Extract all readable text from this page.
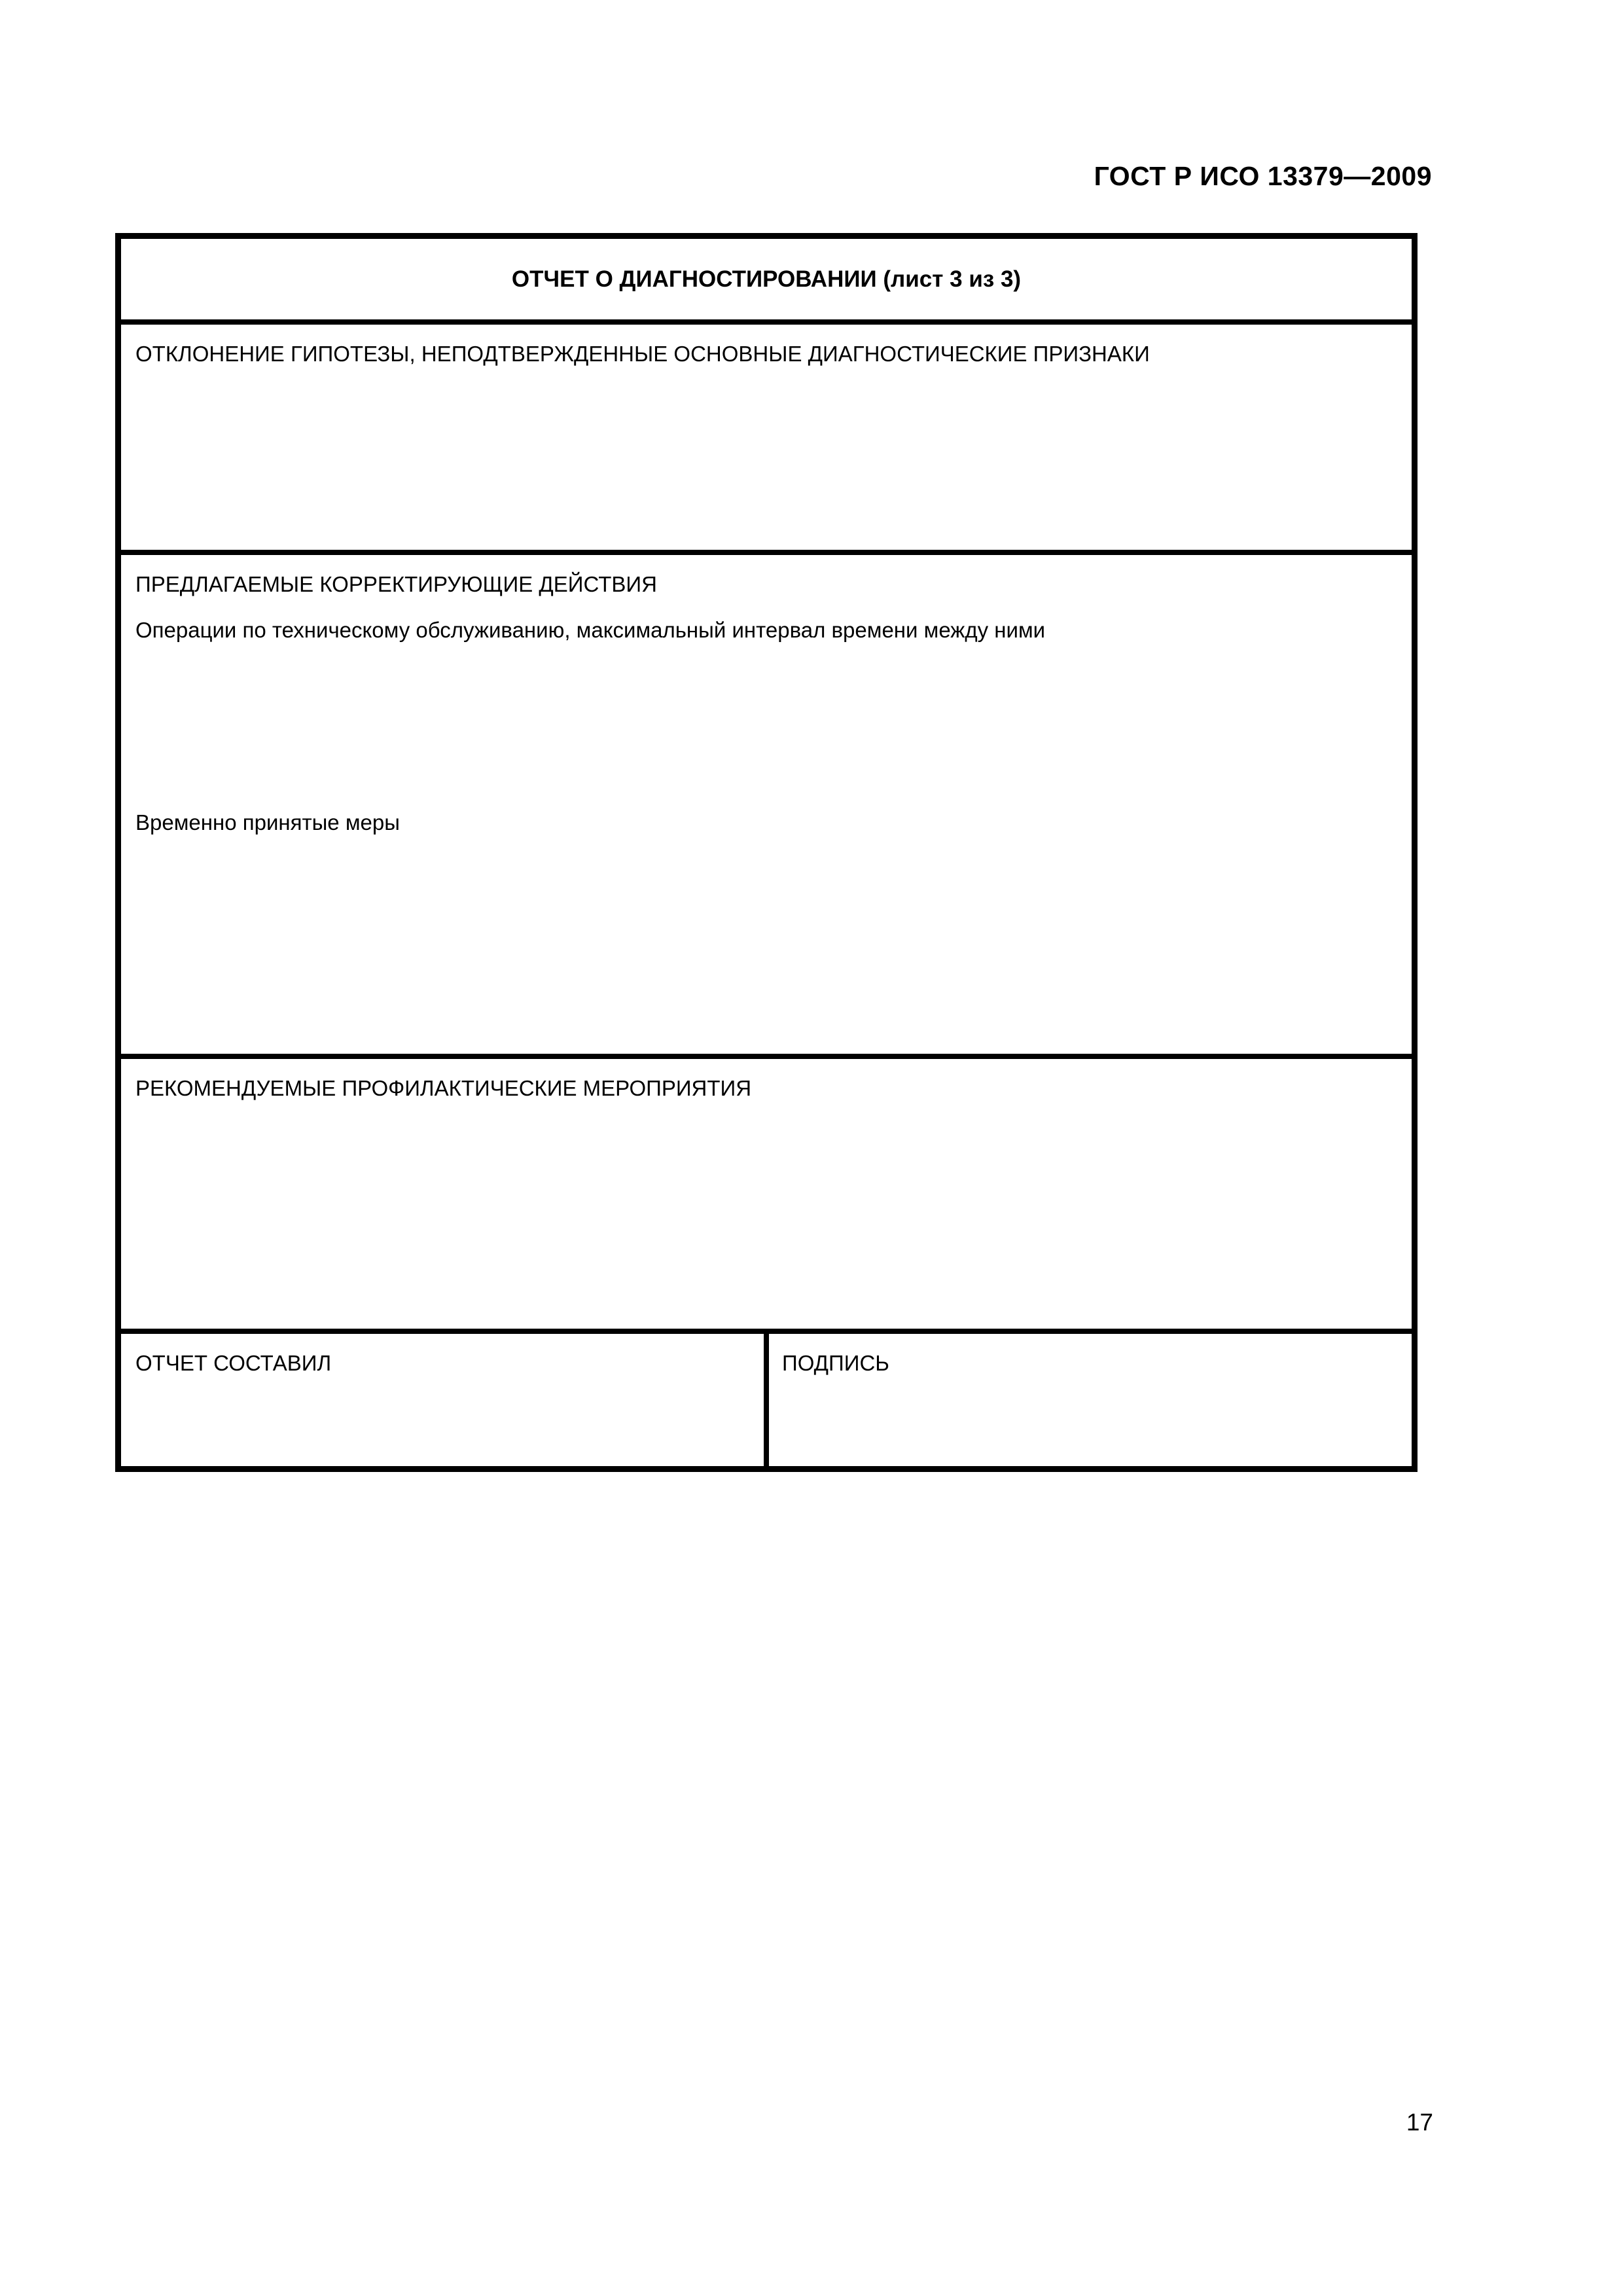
ГОСТ Р ИСО 13379—2009
ОТЧЕТ О ДИАГНОСТИРОВАНИИ (лист 3 из 3)
ОТКЛОНЕНИЕ ГИПОТЕЗЫ, НЕПОДТВЕРЖДЕННЫЕ ОСНОВНЫЕ ДИАГНОСТИЧЕСКИЕ ПРИЗНАКИ
ПРЕДЛАГАЕМЫЕ КОРРЕКТИРУЮЩИЕ ДЕЙСТВИЯ
Операции по техническому обслуживанию, максимальный интервал времени между ними
Временно принятые меры
РЕКОМЕНДУЕМЫЕ ПРОФИЛАКТИЧЕСКИЕ МЕРОПРИЯТИЯ
ОТЧЕТ СОСТАВИЛ	ПОДПИСЬ
17
